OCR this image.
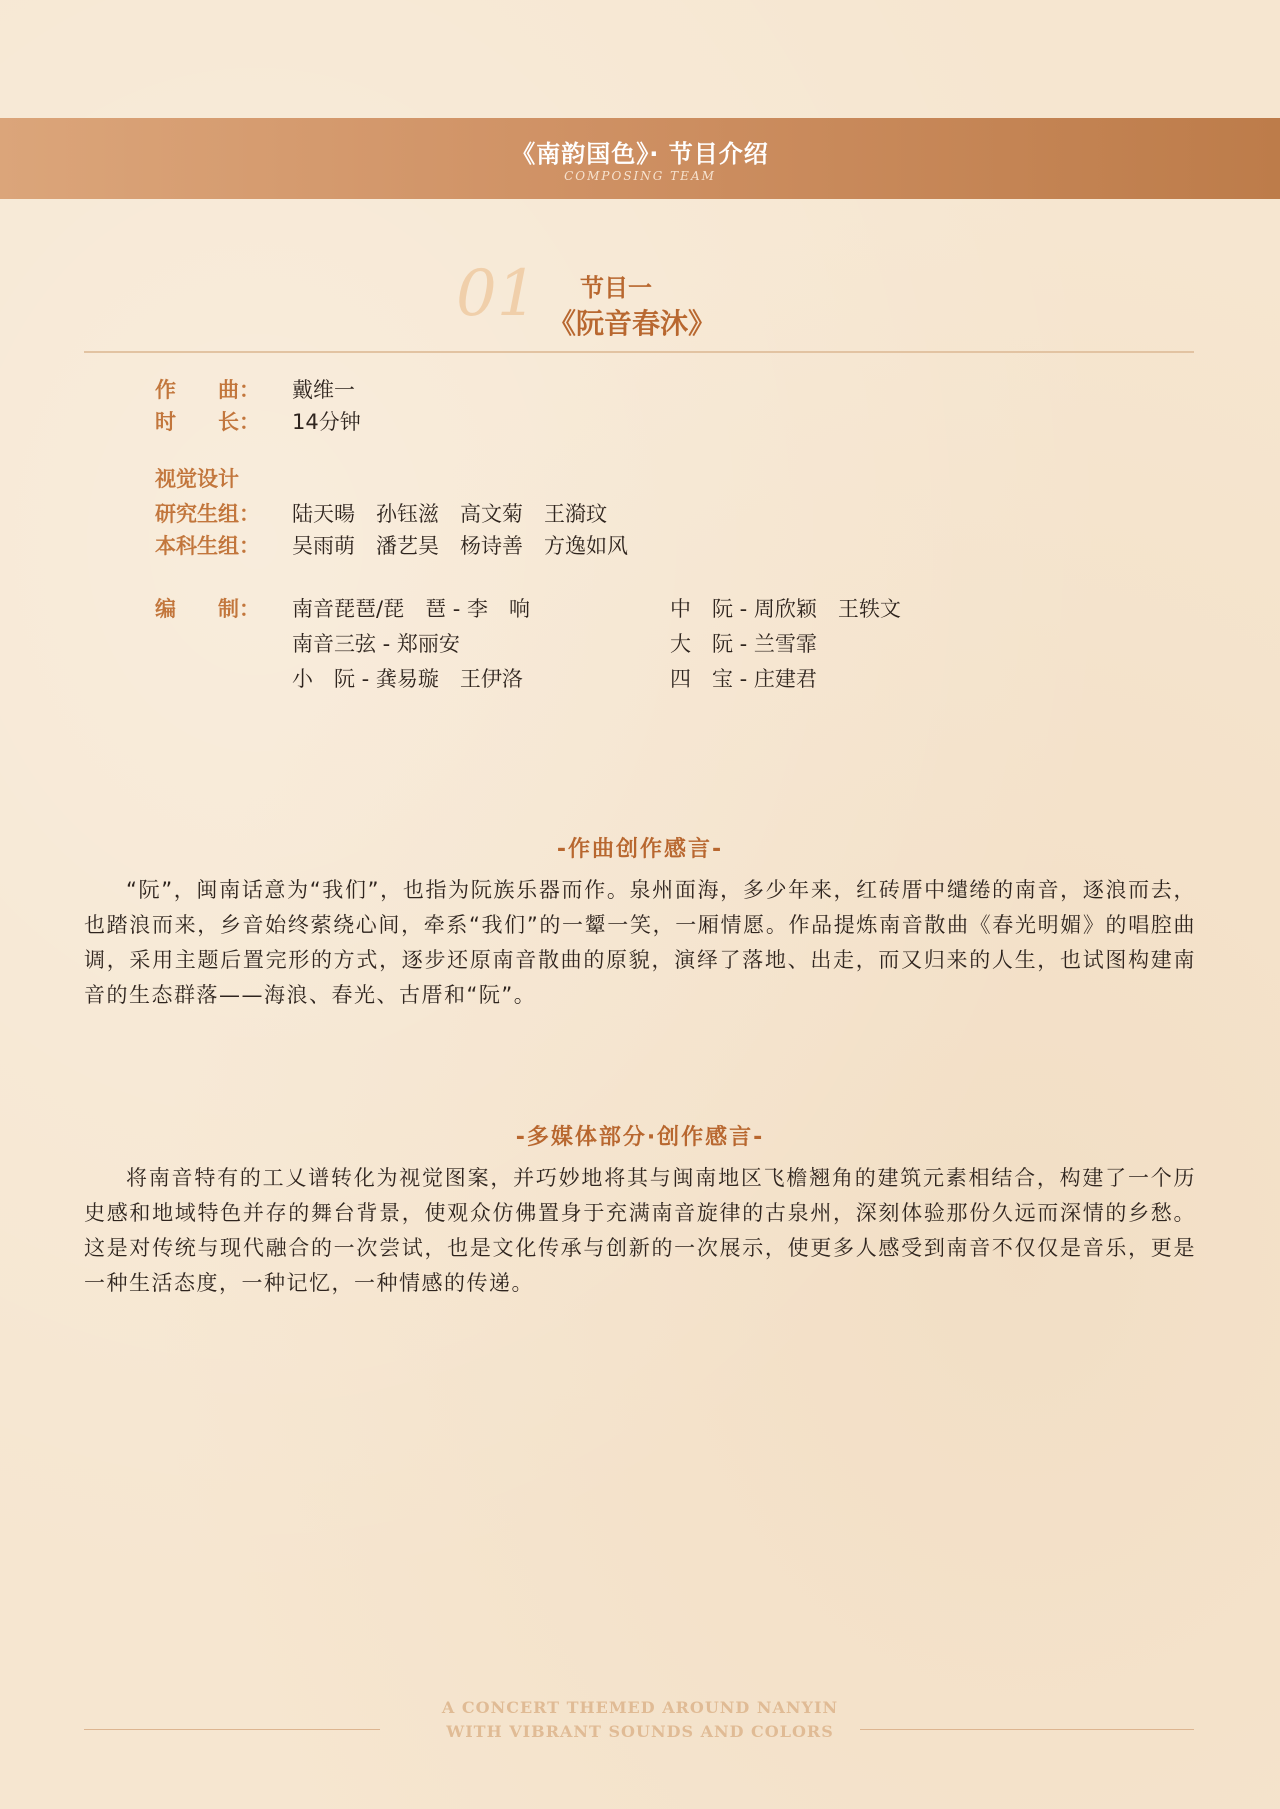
《南韵国色》· 节目介绍
COMPOSING TEAM
01 节目一
《阮音春沐》
作　　曲： 戴维一
时　　长： 14分钟
视觉设计
研究生组： 陆天暘　孙钰滋　高文菊　王漪玟
本科生组： 吴雨萌　潘艺昊　杨诗善　方逸如风
编　　制： 南音琵琶/琵　琶 - 李　响
南音三弦 - 郑丽安
小　阮 - 龚易璇　王伊洛
中　阮 - 周欣颖　王轶文
大　阮 - 兰雪霏
四　宝 - 庄建君
-作曲创作感言-

“阮”，闽南话意为“我们”，也指为阮族乐器而作。泉州面海，多少年来，红砖厝中缱绻的南音，逐浪而去，也踏浪而来，乡音始终萦绕心间，牵系“我们”的一颦一笑，一厢情愿。作品提炼南音散曲《春光明媚》的唱腔曲调，采用主题后置完形的方式，逐步还原南音散曲的原貌，演绎了落地、出走，而又归来的人生，也试图构建南音的生态群落——海浪、春光、古厝和“阮”。

-多媒体部分·创作感言-

将南音特有的工乂谱转化为视觉图案，并巧妙地将其与闽南地区飞檐翘角的建筑元素相结合，构建了一个历史感和地域特色并存的舞台背景，使观众仿佛置身于充满南音旋律的古泉州，深刻体验那份久远而深情的乡愁。这是对传统与现代融合的一次尝试，也是文化传承与创新的一次展示，使更多人感受到南音不仅仅是音乐，更是一种生活态度，一种记忆，一种情感的传递。

A CONCERT THEMED AROUND NANYIN
WITH VIBRANT SOUNDS AND COLORS
